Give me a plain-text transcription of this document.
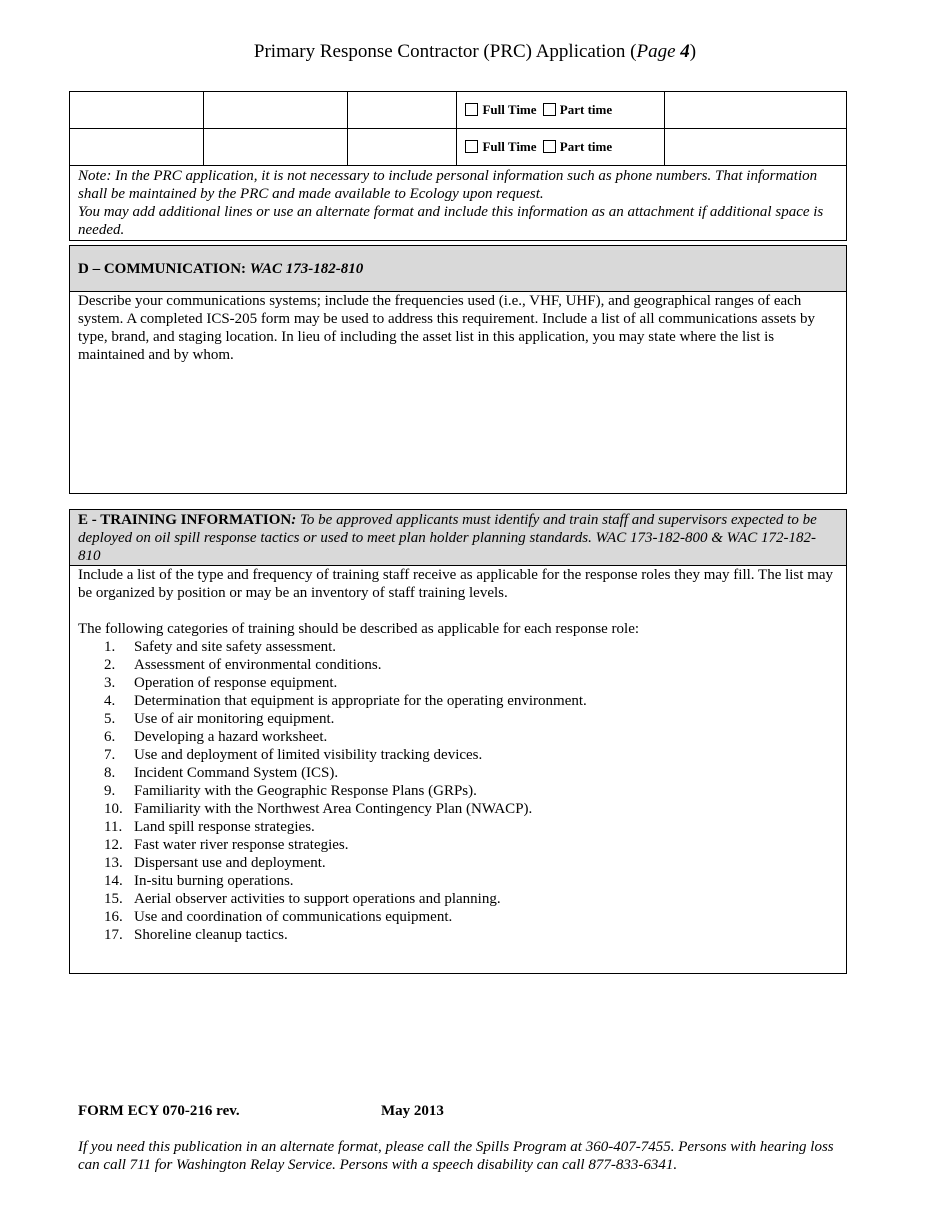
Primary Response Contractor (PRC) Application (Page 4)
			Full Time Part time	
			Full Time Part time	

Note: In the PRC application, it is not necessary to include personal information such as phone numbers. That information shall be maintained by the PRC and made available to Ecology upon request.
You may add additional lines or use an alternate format and include this information as an attachment if additional space is needed.				
D – COMMUNICATION: WAC 173-182-810

Describe your communications systems; include the frequencies used (i.e., VHF, UHF), and geographical ranges of each system. A completed ICS-205 form may be used to address this requirement. Include a list of all communications assets by type, brand, and staging location. In lieu of including the asset list in this application, you may state where the list is maintained and by whom.

E - TRAINING INFORMATION: To be approved applicants must identify and train staff and supervisors expected to be deployed on oil spill response tactics or used to meet plan holder planning standards. WAC 173-182-800 & WAC 172-182-810

Include a list of the type and frequency of training staff receive as applicable for the response roles they may fill. The list may be organized by position or may be an inventory of staff training levels.

The following categories of training should be described as applicable for each response role:

1.	Safety and site safety assessment.
2.	Assessment of environmental conditions.
3.	Operation of response equipment.
4.	Determination that equipment is appropriate for the operating environment.
5.	Use of air monitoring equipment.
6.	Developing a hazard worksheet.
7.	Use and deployment of limited visibility tracking devices.
8.	Incident Command System (ICS).
9.	Familiarity with the Geographic Response Plans (GRPs).
10. Familiarity with the Northwest Area Contingency Plan (NWACP).
11. Land spill response strategies.
12. Fast water river response strategies.
13. Dispersant use and deployment.
14. In-situ burning operations.
15. Aerial observer activities to support operations and planning.
16. Use and coordination of communications equipment.
17. Shoreline cleanup tactics.
FORM ECY 070-216 rev.	May 2013
If you need this publication in an alternate format, please call the Spills Program at 360-407-7455. Persons with hearing loss can call 711 for Washington Relay Service. Persons with a speech disability can call 877-833-6341.
